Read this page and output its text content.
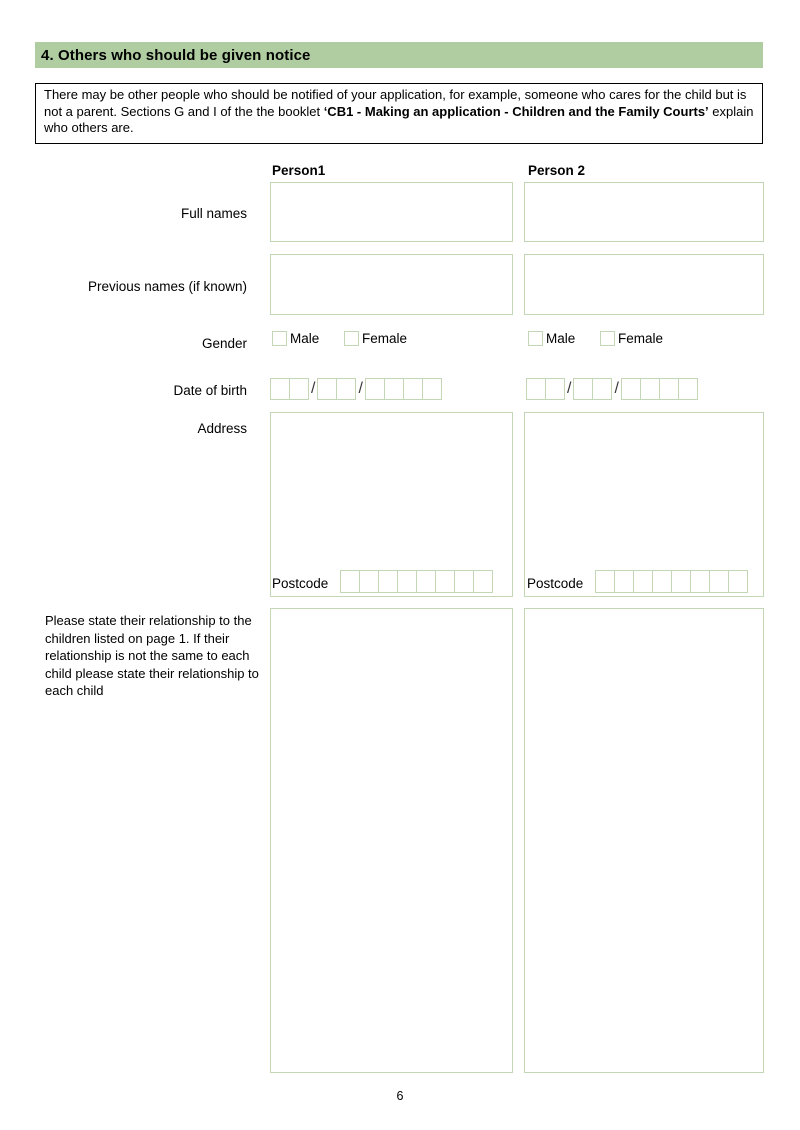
4. Others who should be given notice
There may be other people who should be notified of your application, for example, someone who cares for the child but is not a parent. Sections G and I of the the booklet ‘CB1 - Making an application - Children and the Family Courts’ explain who others are.
Person1	Person 2
Full names
Previous names (if known)
Gender	Male	Female	Male	Female
Date of birth	/	/	/	/
Address
Postcode	Postcode
Please state their relationship to the children listed on page 1. If their relationship is not the same to each child please state their relationship to each child
6
